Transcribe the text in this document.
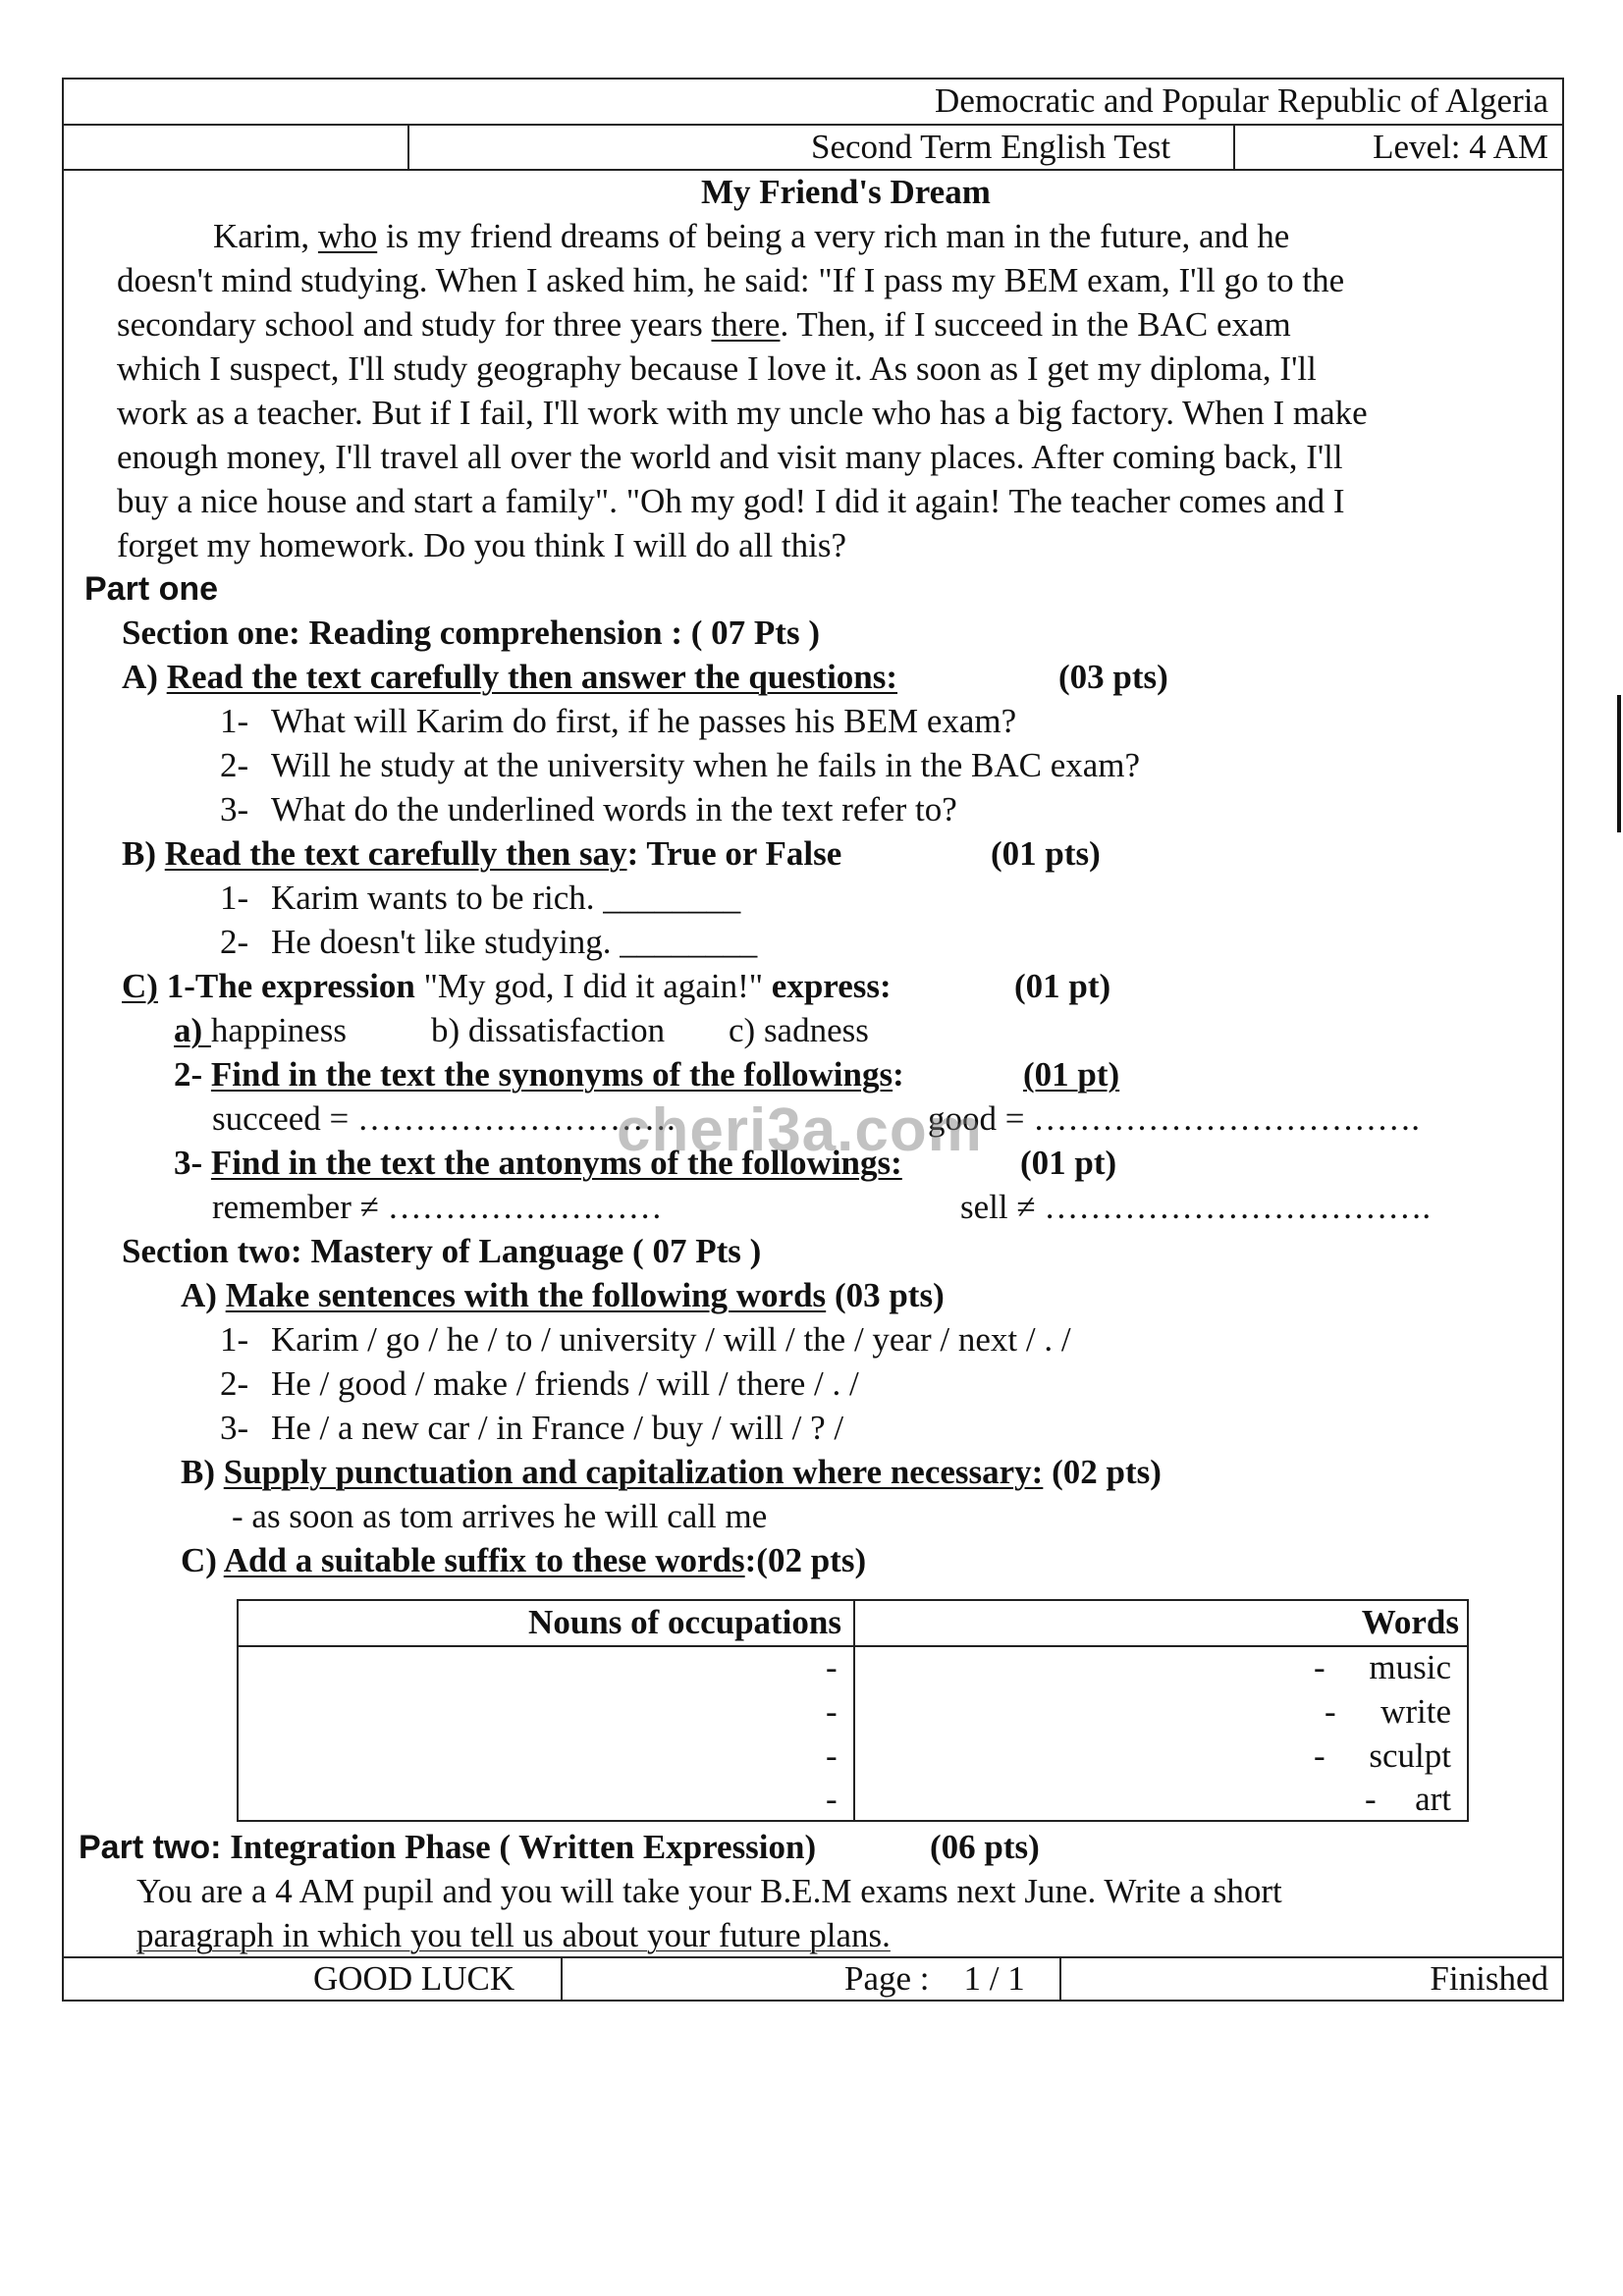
Democratic and Popular Republic of Algeria
Second Term English Test	Level: 4 AM
My Friend's Dream
Karim, who is my friend dreams of being a very rich man in the future, and he
doesn't mind studying. When I asked him, he said: "If I pass my BEM exam, I'll go to the
secondary school and study for three years there. Then, if I succeed in the BAC exam
which I suspect, I'll study geography because I love it. As soon as I get my diploma, I'll
work as a teacher. But if I fail, I'll work with my uncle who has a big factory. When I make
enough money, I'll travel all over the world and visit many places. After coming back, I'll
buy a nice house and start a family". "Oh my god! I did it again! The teacher comes and I
forget my homework. Do you think I will do all this?
Part one
Section one: Reading comprehension : ( 07 Pts )
A) Read the text carefully then answer the questions:	(03 pts)
1- What will Karim do first, if he passes his BEM exam?
2- Will he study at the university when he fails in the BAC exam?
3- What do the underlined words in the text refer to?
B) Read the text carefully then say: True or False	(01 pts)
1- Karim wants to be rich. ________
2- He doesn't like studying. ________
C) 1-The expression "My god, I did it again!" express:	(01 pt)
a) happiness b) dissatisfaction c) sadness
2- Find in the text the synonyms of the followings:	(01 pt)
succeed = ……………………….	good = …………………………….
3- Find in the text the antonyms of the followings:	(01 pt)
cheri3a.com
remember ≠ ……………………	sell ≠ …………………………….
Section two: Mastery of Language ( 07 Pts )
A) Make sentences with the following words (03 pts)
1- Karim / go / he / to / university / will / the / year / next / . /
2- He / good / make / friends / will / there / . /
3- He / a new car / in France / buy / will / ? /
B) Supply punctuation and capitalization where necessary: (02 pts)
- as soon as tom arrives he will call me
C) Add a suitable suffix to these words:(02 pts)
Nouns of occupations	Words
-	- music
-	- write
-	- sculpt
-	- art
Part two: Integration Phase ( Written Expression)	(06 pts)
You are a 4 AM pupil and you will take your B.E.M exams next June. Write a short
paragraph in which you tell us about your future plans.
GOOD LUCK	Page :    1 / 1	Finished
